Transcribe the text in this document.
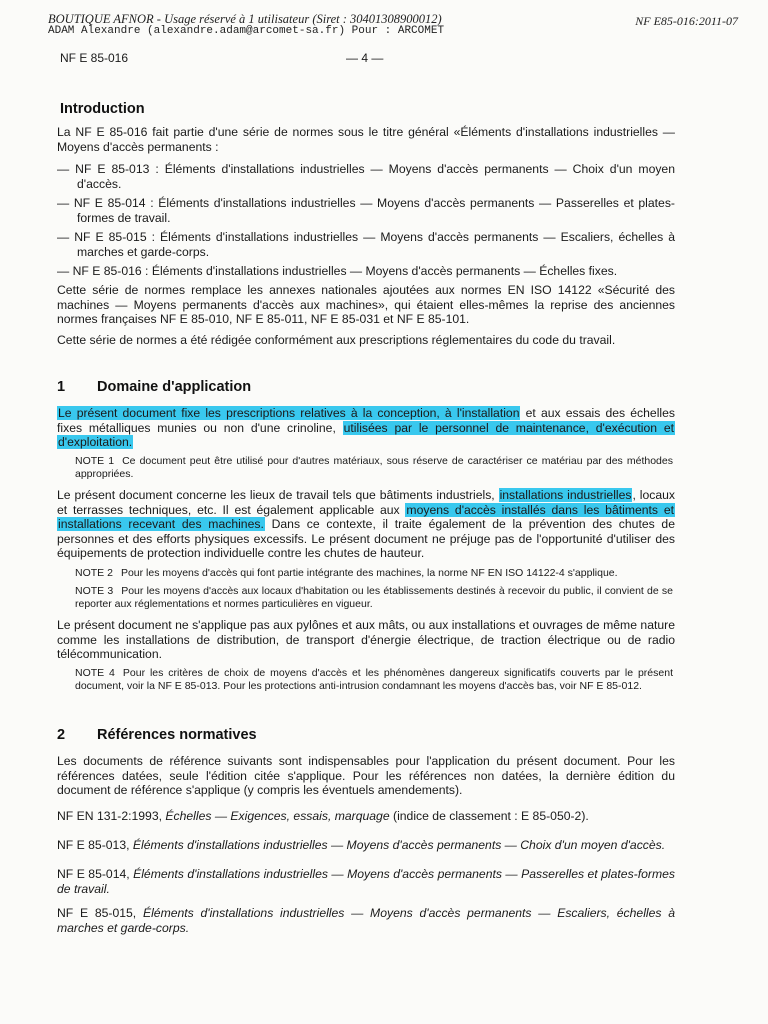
BOUTIQUE AFNOR - Usage réservé à 1 utilisateur (Siret : 30401308900012)	NF E85-016:2011-07
ADAM Alexandre (alexandre.adam@arcomet-sa.fr) Pour : ARCOMET
NF E 85-016	— 4 —
Introduction
La NF E 85-016 fait partie d'une série de normes sous le titre général «Éléments d'installations industrielles — Moyens d'accès permanents :
— NF E 85-013 : Éléments d'installations industrielles — Moyens d'accès permanents — Choix d'un moyen d'accès.
— NF E 85-014 : Éléments d'installations industrielles — Moyens d'accès permanents — Passerelles et plates-formes de travail.
— NF E 85-015 : Éléments d'installations industrielles — Moyens d'accès permanents — Escaliers, échelles à marches et garde-corps.
— NF E 85-016 : Éléments d'installations industrielles — Moyens d'accès permanents — Échelles fixes.
Cette série de normes remplace les annexes nationales ajoutées aux normes EN ISO 14122 «Sécurité des machines — Moyens permanents d'accès aux machines», qui étaient elles-mêmes la reprise des anciennes normes françaises NF E 85-010, NF E 85-011, NF E 85-031 et NF E 85-101.
Cette série de normes a été rédigée conformément aux prescriptions réglementaires du code du travail.
1 Domaine d'application
Le présent document fixe les prescriptions relatives à la conception, à l'installation et aux essais des échelles fixes métalliques munies ou non d'une crinoline, utilisées par le personnel de maintenance, d'exécution et d'exploitation.
NOTE 1 Ce document peut être utilisé pour d'autres matériaux, sous réserve de caractériser ce matériau par des méthodes appropriées.
Le présent document concerne les lieux de travail tels que bâtiments industriels, installations industrielles, locaux et terrasses techniques, etc. Il est également applicable aux moyens d'accès installés dans les bâtiments et installations recevant des machines. Dans ce contexte, il traite également de la prévention des chutes de personnes et des efforts physiques excessifs. Le présent document ne préjuge pas de l'opportunité d'utiliser des équipements de protection individuelle contre les chutes de hauteur.
NOTE 2 Pour les moyens d'accès qui font partie intégrante des machines, la norme NF EN ISO 14122-4 s'applique.
NOTE 3 Pour les moyens d'accès aux locaux d'habitation ou les établissements destinés à recevoir du public, il convient de se reporter aux réglementations et normes particulières en vigueur.
Le présent document ne s'applique pas aux pylônes et aux mâts, ou aux installations et ouvrages de même nature comme les installations de distribution, de transport d'énergie électrique, de traction électrique ou de radio télécommunication.
NOTE 4 Pour les critères de choix de moyens d'accès et les phénomènes dangereux significatifs couverts par le présent document, voir la NF E 85-013. Pour les protections anti-intrusion condamnant les moyens d'accès bas, voir NF E 85-012.
2 Références normatives
Les documents de référence suivants sont indispensables pour l'application du présent document. Pour les références datées, seule l'édition citée s'applique. Pour les références non datées, la dernière édition du document de référence s'applique (y compris les éventuels amendements).
NF EN 131-2:1993, Échelles — Exigences, essais, marquage (indice de classement : E 85-050-2).
NF E 85-013, Éléments d'installations industrielles — Moyens d'accès permanents — Choix d'un moyen d'accès.
NF E 85-014, Éléments d'installations industrielles — Moyens d'accès permanents — Passerelles et plates-formes de travail.
NF E 85-015, Éléments d'installations industrielles — Moyens d'accès permanents — Escaliers, échelles à marches et garde-corps.
